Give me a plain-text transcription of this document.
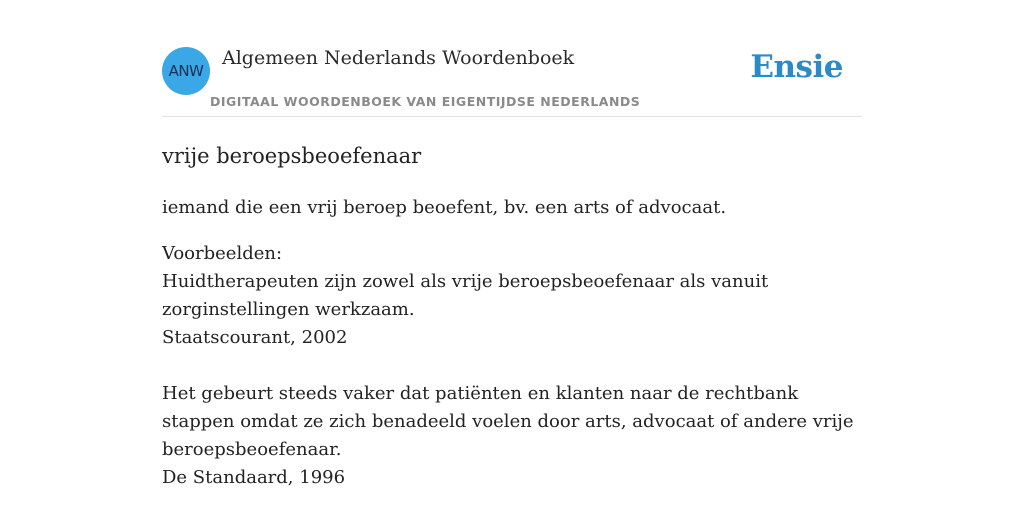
ANW
Algemeen Nederlands Woordenboek
DIGITAAL WOORDENBOEK VAN EIGENTIJDSE NEDERLANDS
Ensie
vrije beroepsbeoefenaar

iemand die een vrij beroep beoefent, bv. een arts of advocaat.

Voorbeelden:

Huidtherapeuten zijn zowel als vrije beroepsbeoefenaar als vanuit zorginstellingen werkzaam.

Staatscourant, 2002

Het gebeurt steeds vaker dat patiënten en klanten naar de rechtbank stappen omdat ze zich benadeeld voelen door arts, advocaat of andere vrije beroepsbeoefenaar.

De Standaard, 1996
